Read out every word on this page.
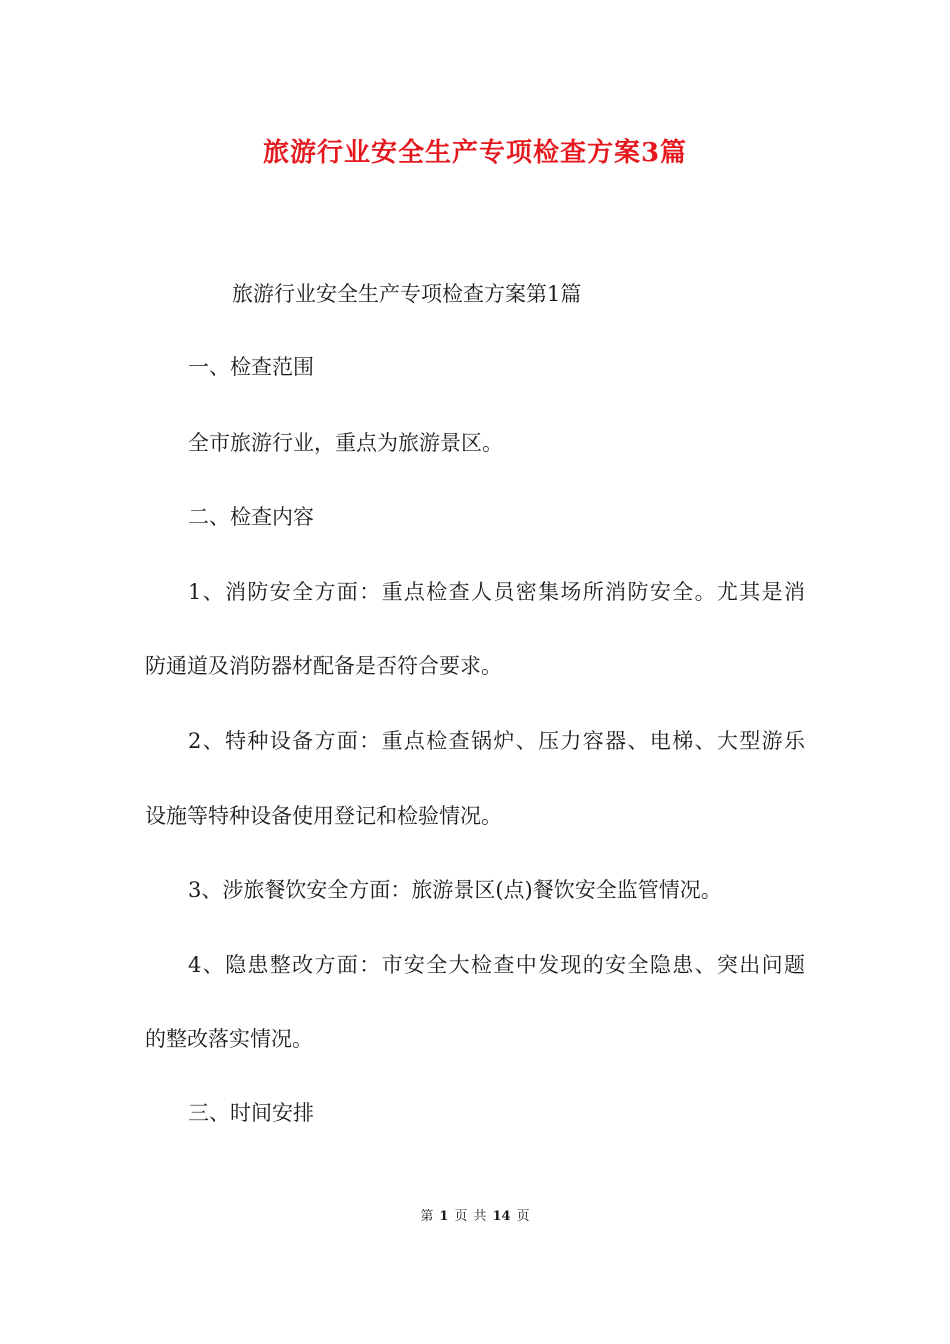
旅游行业安全生产专项检查方案3篇

旅游行业安全生产专项检查方案第1篇

一、检查范围

全市旅游行业，重点为旅游景区。

二、检查内容

1、消防安全方面：重点检查人员密集场所消防安全。尤其是消

防通道及消防器材配备是否符合要求。

2、特种设备方面：重点检查锅炉、压力容器、电梯、大型游乐

设施等特种设备使用登记和检验情况。

3、涉旅餐饮安全方面：旅游景区(点)餐饮安全监管情况。

4、隐患整改方面：市安全大检查中发现的安全隐患、突出问题

的整改落实情况。

三、时间安排

第 1 页 共 14 页
